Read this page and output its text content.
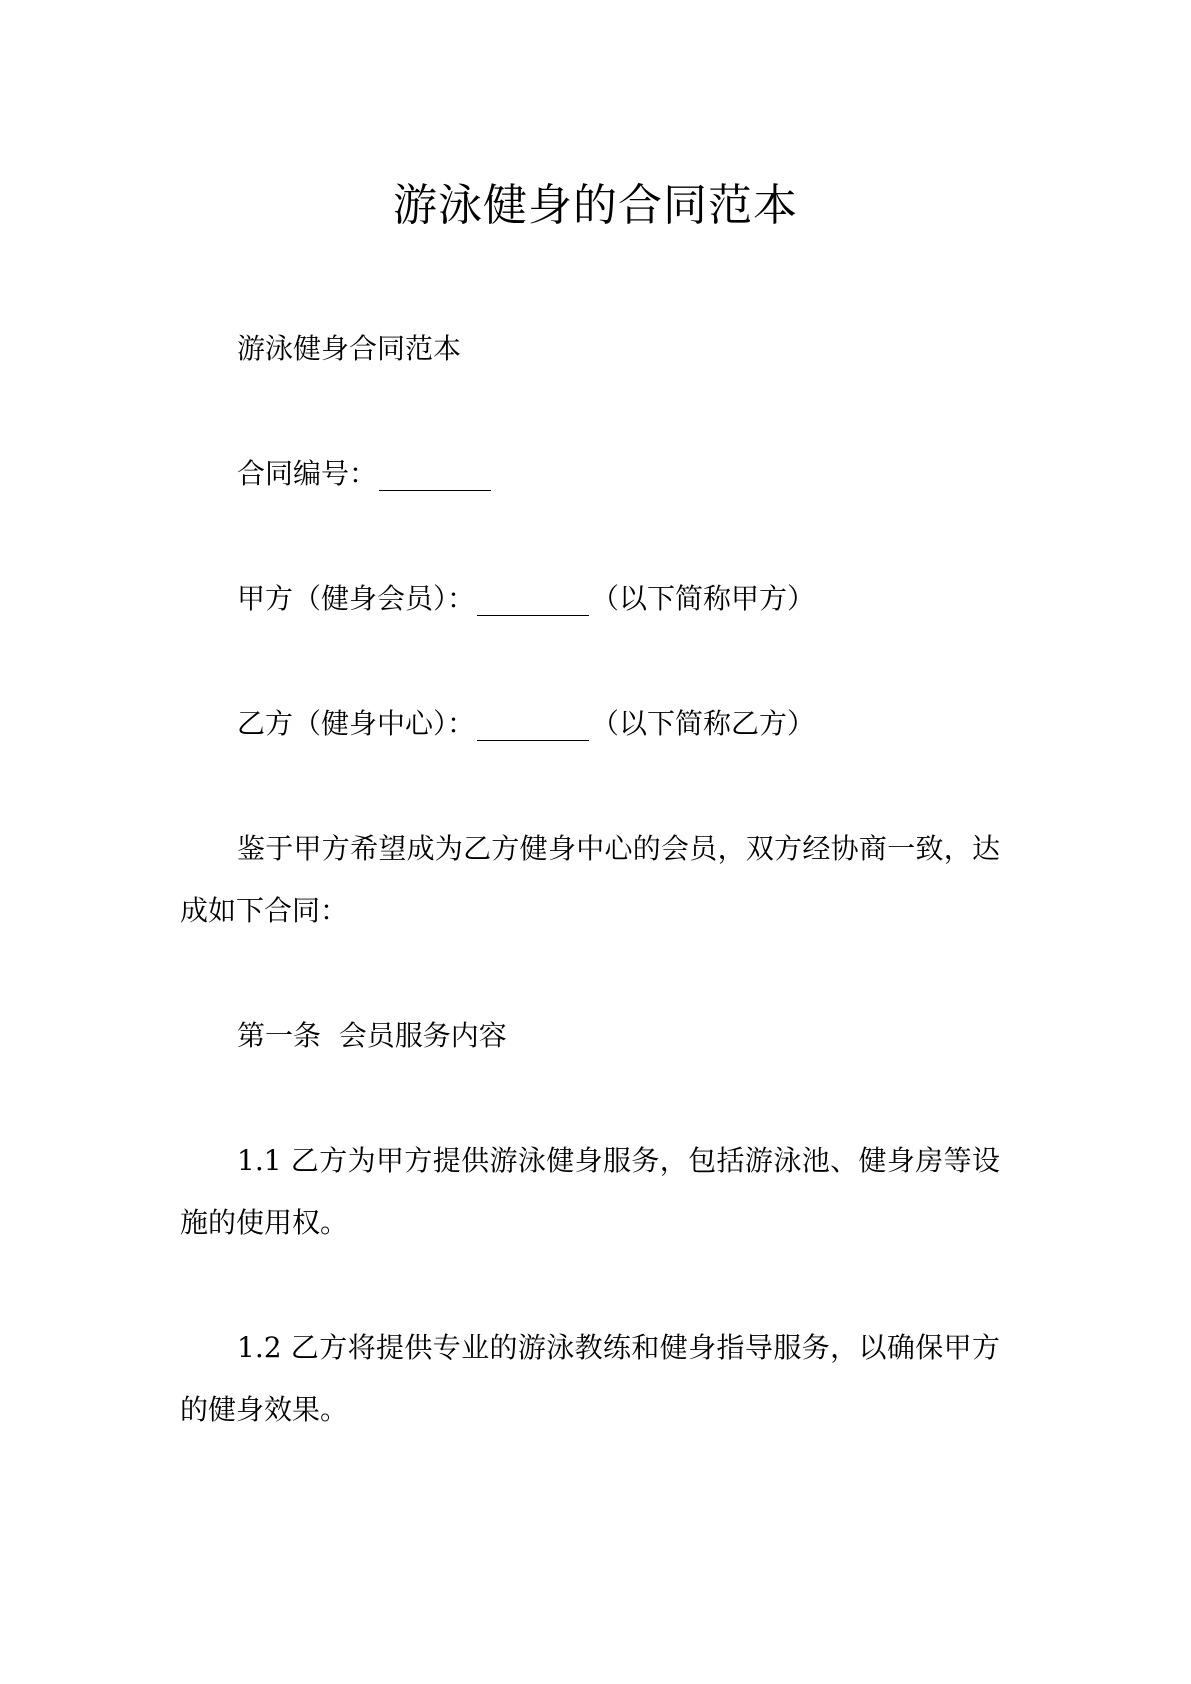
游泳健身的合同范本

游泳健身合同范本

合同编号：

甲方（健身会员）：	（以下简称甲方）

乙方（健身中心）：	（以下简称乙方）

鉴于甲方希望成为乙方健身中心的会员，双方经协商一致，达成如下合同：

第一条  会员服务内容

1.1 乙方为甲方提供游泳健身服务，包括游泳池、健身房等设施的使用权。

1.2 乙方将提供专业的游泳教练和健身指导服务，以确保甲方的健身效果。
